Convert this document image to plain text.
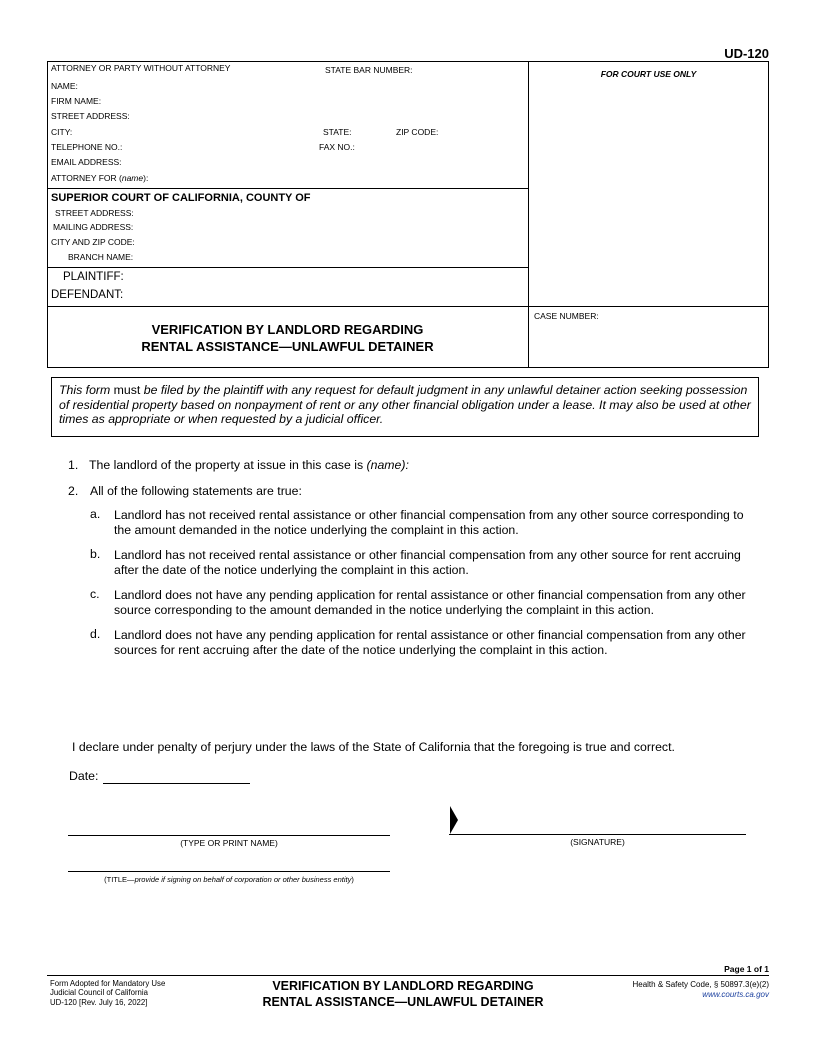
UD-120
ATTORNEY OR PARTY WITHOUT ATTORNEY	STATE BAR NUMBER:
NAME:
FIRM NAME:
STREET ADDRESS:
CITY:	STATE:	ZIP CODE:
TELEPHONE NO.:	FAX NO.:
EMAIL ADDRESS:
ATTORNEY FOR (name):
FOR COURT USE ONLY
SUPERIOR COURT OF CALIFORNIA, COUNTY OF
STREET ADDRESS:
MAILING ADDRESS:
CITY AND ZIP CODE:
BRANCH NAME:
PLAINTIFF:
DEFENDANT:
VERIFICATION BY LANDLORD REGARDING
RENTAL ASSISTANCE—UNLAWFUL DETAINER
CASE NUMBER:
This form must be filed by the plaintiff with any request for default judgment in any unlawful detainer action seeking possession of residential property based on nonpayment of rent or any other financial obligation under a lease. It may also be used at other times as appropriate or when requested by a judicial officer.
1. The landlord of the property at issue in this case is (name):
2. All of the following statements are true:
a. Landlord has not received rental assistance or other financial compensation from any other source corresponding to the amount demanded in the notice underlying the complaint in this action.
b. Landlord has not received rental assistance or other financial compensation from any other source for rent accruing after the date of the notice underlying the complaint in this action.
c. Landlord does not have any pending application for rental assistance or other financial compensation from any other source corresponding to the amount demanded in the notice underlying the complaint in this action.
d. Landlord does not have any pending application for rental assistance or other financial compensation from any other sources for rent accruing after the date of the notice underlying the complaint in this action.
I declare under penalty of perjury under the laws of the State of California that the foregoing is true and correct.
Date:
(TYPE OR PRINT NAME)	(SIGNATURE)
(TITLE—provide if signing on behalf of corporation or other business entity)
Page 1 of 1
Form Adopted for Mandatory Use
Judicial Council of California
UD-120 [Rev. July 16, 2022]
VERIFICATION BY LANDLORD REGARDING
RENTAL ASSISTANCE—UNLAWFUL DETAINER
Health & Safety Code, § 50897.3(e)(2)
www.courts.ca.gov
